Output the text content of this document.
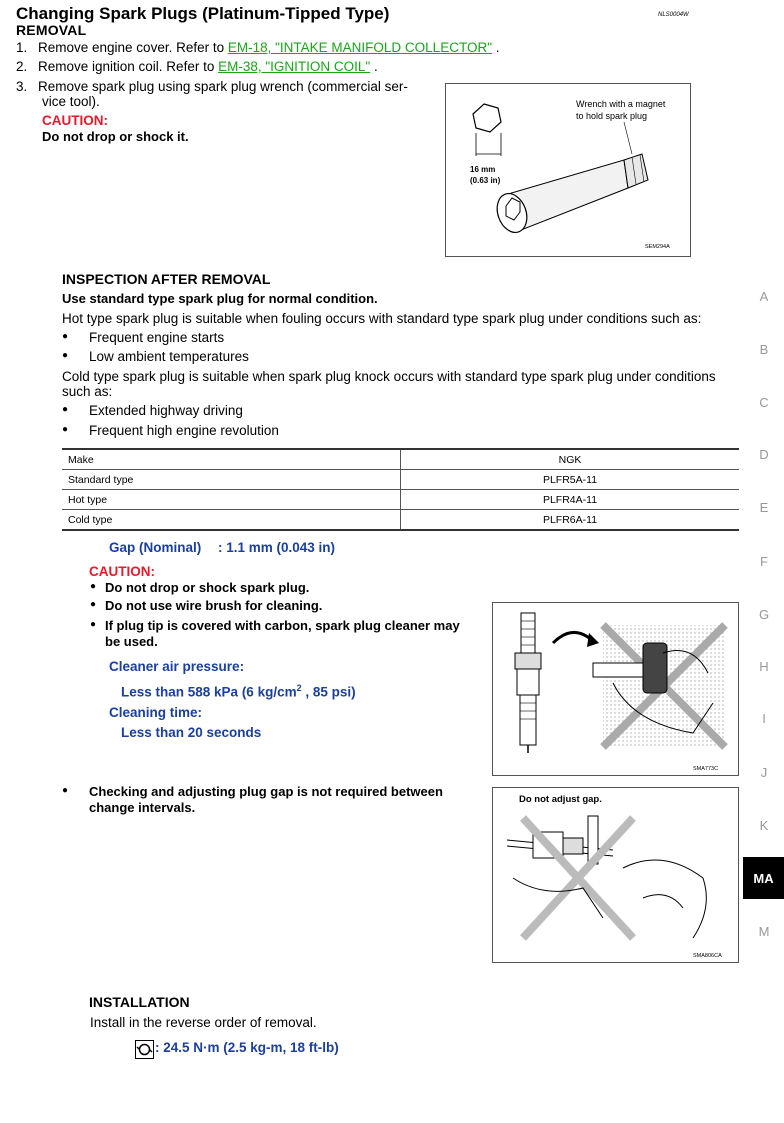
Changing Spark Plugs (Platinum-Tipped Type)	NLS0004W
REMOVAL
1. Remove engine cover. Refer to EM-18, "INTAKE MANIFOLD COLLECTOR" .
2. Remove ignition coil. Refer to EM-38, "IGNITION COIL" .
3. Remove spark plug using spark plug wrench (commercial ser-
vice tool).
CAUTION:
Do not drop or shock it.
Wrench with a magnet
to hold spark plug
16 mm
(0.63 in)
SEM294A
INSPECTION AFTER REMOVAL
Use standard type spark plug for normal condition.
Hot type spark plug is suitable when fouling occurs with standard type spark plug under conditions such as:
● Frequent engine starts
● Low ambient temperatures
Cold type spark plug is suitable when spark plug knock occurs with standard type spark plug under conditions
such as:
● Extended highway driving
● Frequent high engine revolution
Make	NGK
Standard type	PLFR5A-11
Hot type	PLFR4A-11
Cold type	PLFR6A-11
Gap (Nominal) : 1.1 mm (0.043 in)
CAUTION:
● Do not drop or shock spark plug.
● Do not use wire brush for cleaning.
● If plug tip is covered with carbon, spark plug cleaner may
be used.
Cleaner air pressure:
Less than 588 kPa (6 $kg/cm^2$ , 85 psi)
Cleaning time:
Less than 20 seconds
SMA773C
● Checking and adjusting plug gap is not required between
change intervals.
Do not adjust gap.
SMA806CA
INSTALLATION
Install in the reverse order of removal.
: 24.5 N·m (2.5 kg-m, 18 ft-lb)
A
B
C
D
E
F
G
H
I
J
K
MA
M
